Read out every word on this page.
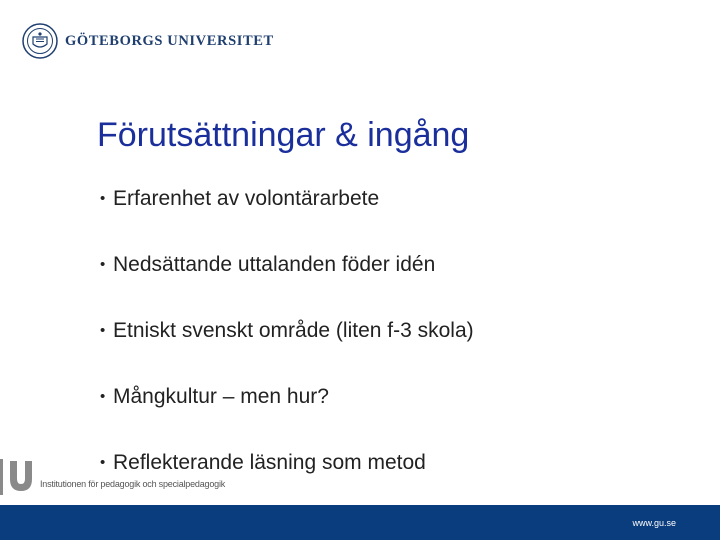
GÖTEBORGS UNIVERSITET
Förutsättningar & ingång
• Erfarenhet av volontärarbete
• Nedsättande uttalanden föder idén
• Etniskt svenskt område (liten f-3 skola)
• Mångkultur – men hur?
• Reflekterande läsning som metod
Institutionen för pedagogik och specialpedagogik
www.gu.se
